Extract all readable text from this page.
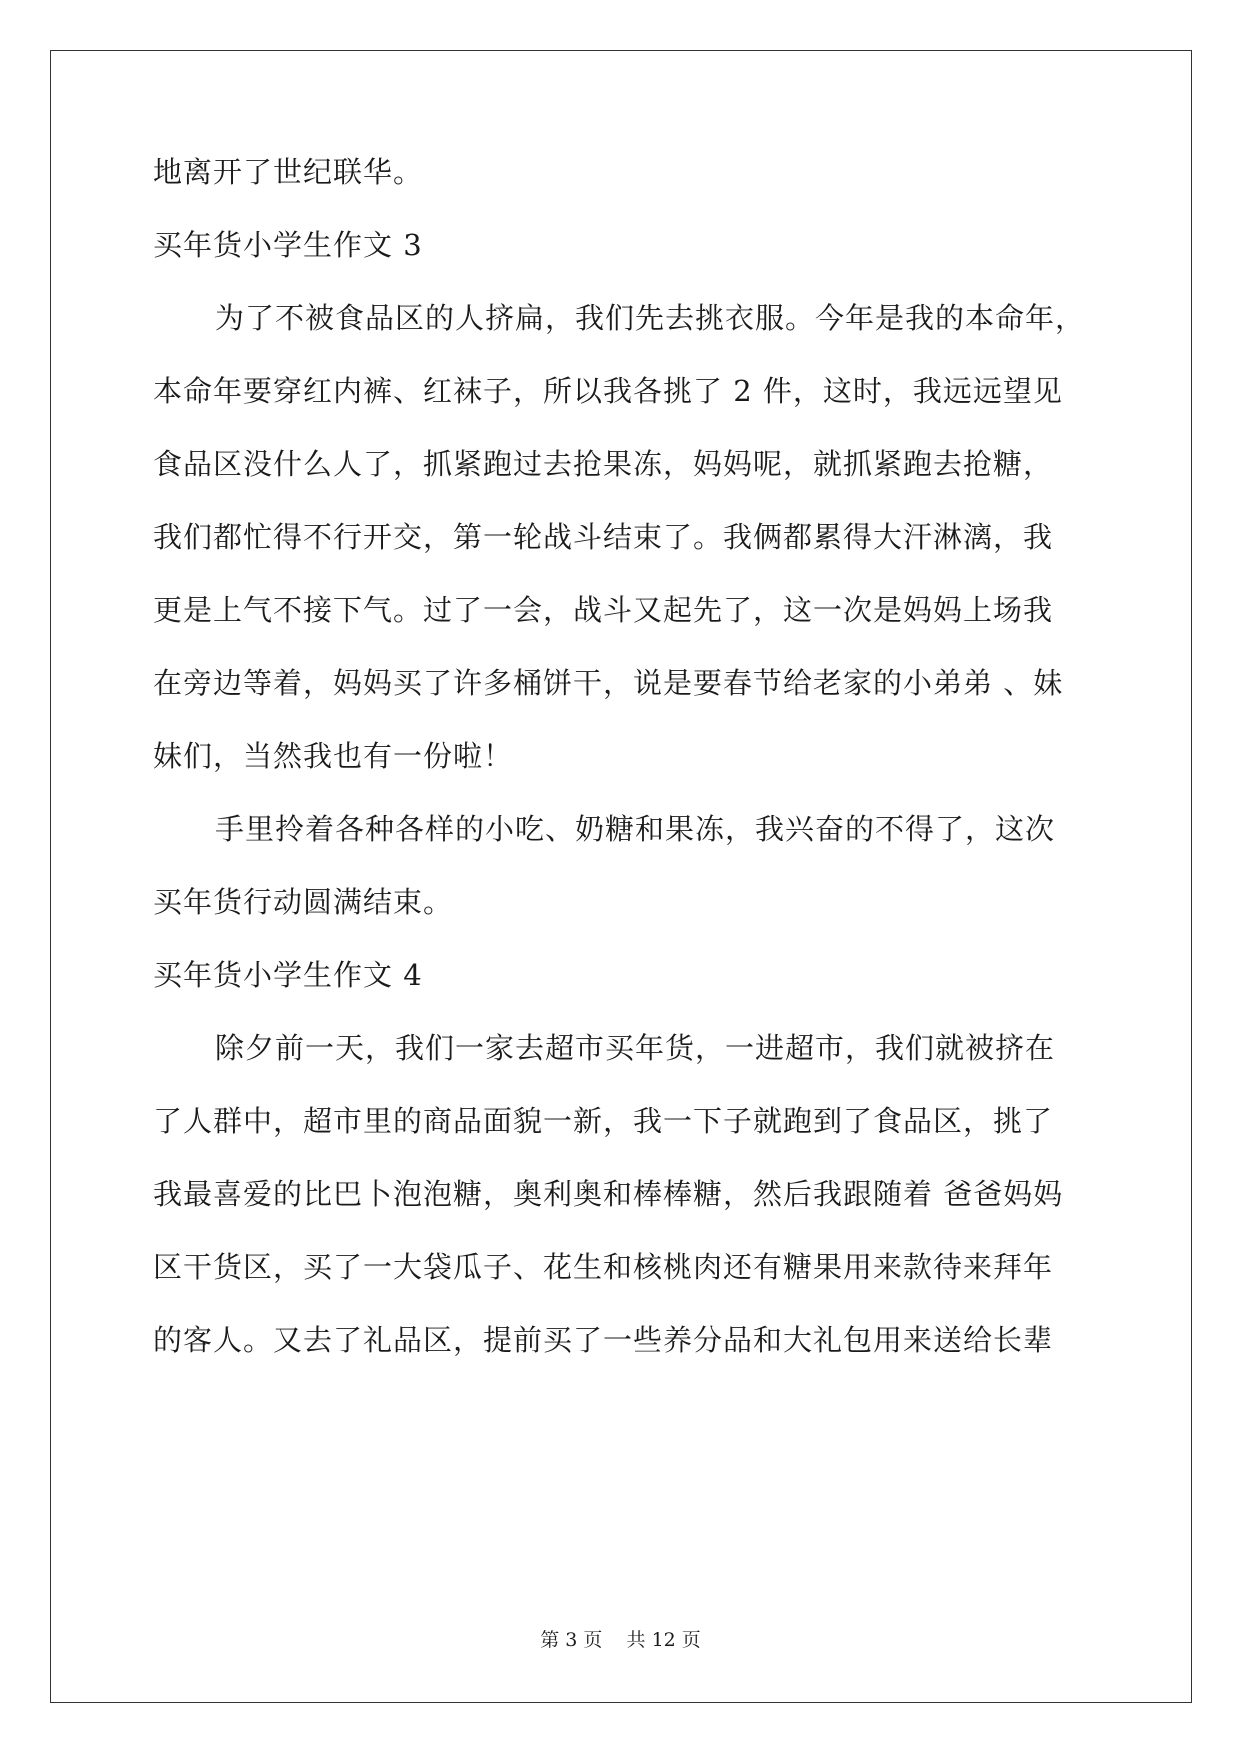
地离开了世纪联华。
买年货小学生作文 3
为了不被食品区的人挤扁，我们先去挑衣服。今年是我的本命年，
本命年要穿红内裤、红袜子，所以我各挑了 2 件，这时，我远远望见
食品区没什么人了，抓紧跑过去抢果冻，妈妈呢，就抓紧跑去抢糖，
我们都忙得不行开交，第一轮战斗结束了。我俩都累得大汗淋漓，我
更是上气不接下气。过了一会，战斗又起先了，这一次是妈妈上场我
在旁边等着，妈妈买了许多桶饼干，说是要春节给老家的小弟弟 、妹
妹们，当然我也有一份啦！
手里拎着各种各样的小吃、奶糖和果冻，我兴奋的不得了，这次
买年货行动圆满结束。
买年货小学生作文 4
除夕前一天，我们一家去超市买年货，一进超市，我们就被挤在
了人群中，超市里的商品面貌一新，我一下子就跑到了食品区，挑了
我最喜爱的比巴卜泡泡糖，奥利奥和棒棒糖，然后我跟随着 爸爸妈妈
区干货区，买了一大袋瓜子、花生和核桃肉还有糖果用来款待来拜年
的客人。又去了礼品区，提前买了一些养分品和大礼包用来送给长辈
第 3 页    共 12 页
